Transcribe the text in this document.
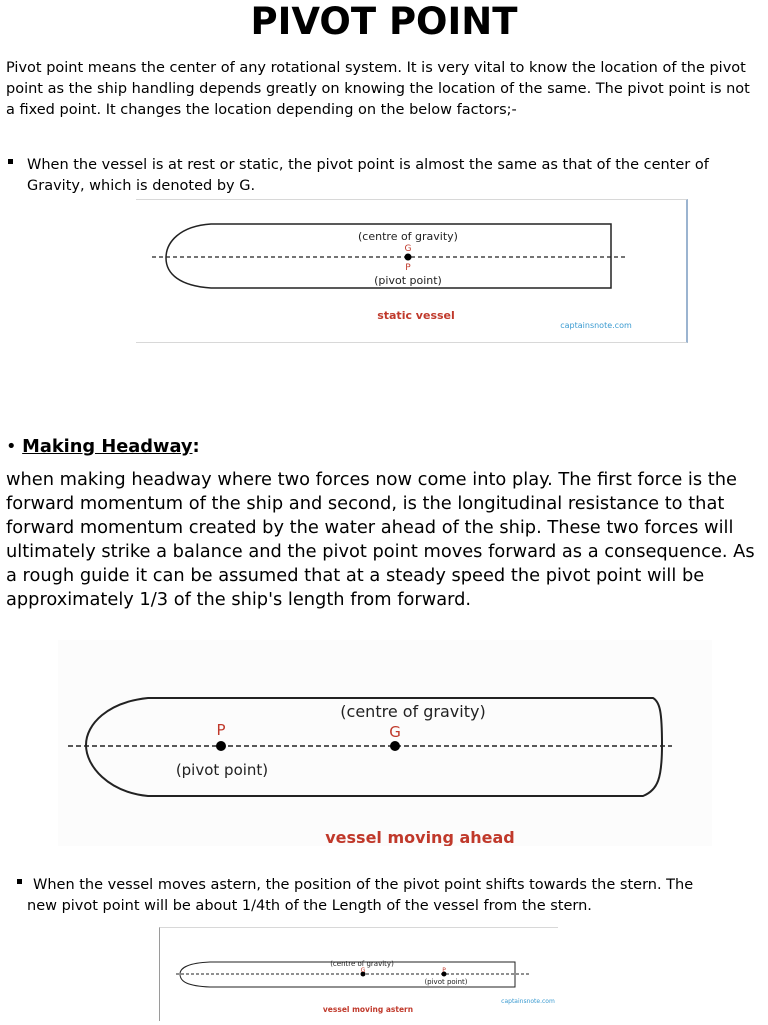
PIVOT POINT
Pivot point means the center of any rotational system. It is very vital to know the location of the pivot point as the ship handling depends greatly on knowing the location of the same. The pivot point is not a fixed point. It changes the location depending on the below factors;-
When the vessel is at rest or static, the pivot point is almost the same as that of the center of
Gravity, which is denoted by G.
(centre of gravity)
G
P
(pivot point)
static vessel
captainsnote.com
• Making Headway:
when making headway where two forces now come into play. The first force is the
forward momentum of the ship and second, is the longitudinal resistance to that
forward momentum created by the water ahead of the ship. These two forces will
ultimately strike a balance and the pivot point moves forward as a consequence. As
a rough guide it can be assumed that at a steady speed the pivot point will be
approximately 1/3 of the ship's length from forward.
(centre of gravity)
P	G
(pivot point)
vessel moving ahead
When the vessel moves astern, the position of the pivot point shifts towards the stern. The
new pivot point will be about 1/4th of the Length of the vessel from the stern.
(centre of gravity)
G	P
(pivot point)
captainsnote.com
vessel moving astern
